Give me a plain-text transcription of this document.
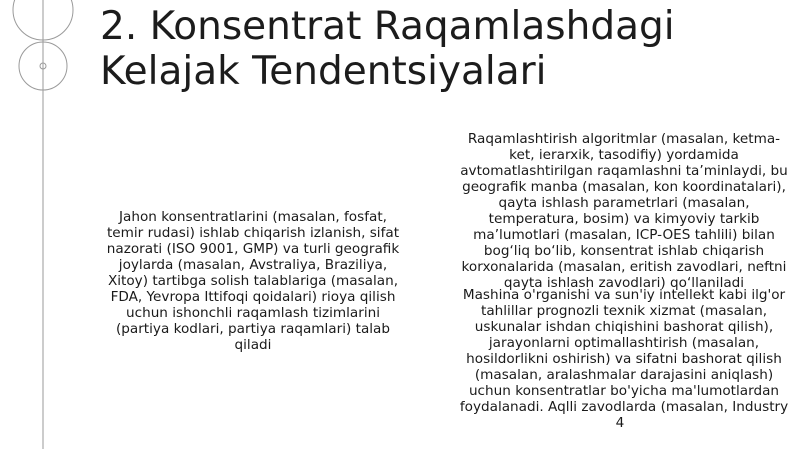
2. Konsentrat Raqamlashdagi Kelajak Tendentsiyalari
Jahon konsentratlarini (masalan, fosfat,
temir rudasi) ishlab chiqarish izlanish, sifat
nazorati (ISO 9001, GMP) va turli geografik
joylarda (masalan, Avstraliya, Braziliya,
Xitoy) tartibga solish talablariga (masalan,
FDA, Yevropa Ittifoqi qoidalari) rioya qilish
uchun ishonchli raqamlash tizimlarini
(partiya kodlari, partiya raqamlari) talab
qiladi
Raqamlashtirish algoritmlar (masalan, ketma-
ket, ierarxik, tasodifiy) yordamida
avtomatlashtirilgan raqamlashni ta’minlaydi, bu
geografik manba (masalan, kon koordinatalari),
qayta ishlash parametrlari (masalan,
temperatura, bosim) va kimyoviy tarkib
ma’lumotlari (masalan, ICP-OES tahlili) bilan
bog‘liq bo‘lib, konsentrat ishlab chiqarish
korxonalarida (masalan, eritish zavodlari, neftni
qayta ishlash zavodlari) qo‘llaniladi
Mashina o'rganishi va sun'iy intellekt kabi ilg'or
tahlillar prognozli texnik xizmat (masalan,
uskunalar ishdan chiqishini bashorat qilish),
jarayonlarni optimallashtirish (masalan,
hosildorlikni oshirish) va sifatni bashorat qilish
(masalan, aralashmalar darajasini aniqlash)
uchun konsentratlar bo'yicha ma'lumotlardan
foydalanadi. Aqlli zavodlarda (masalan, Industry
4
